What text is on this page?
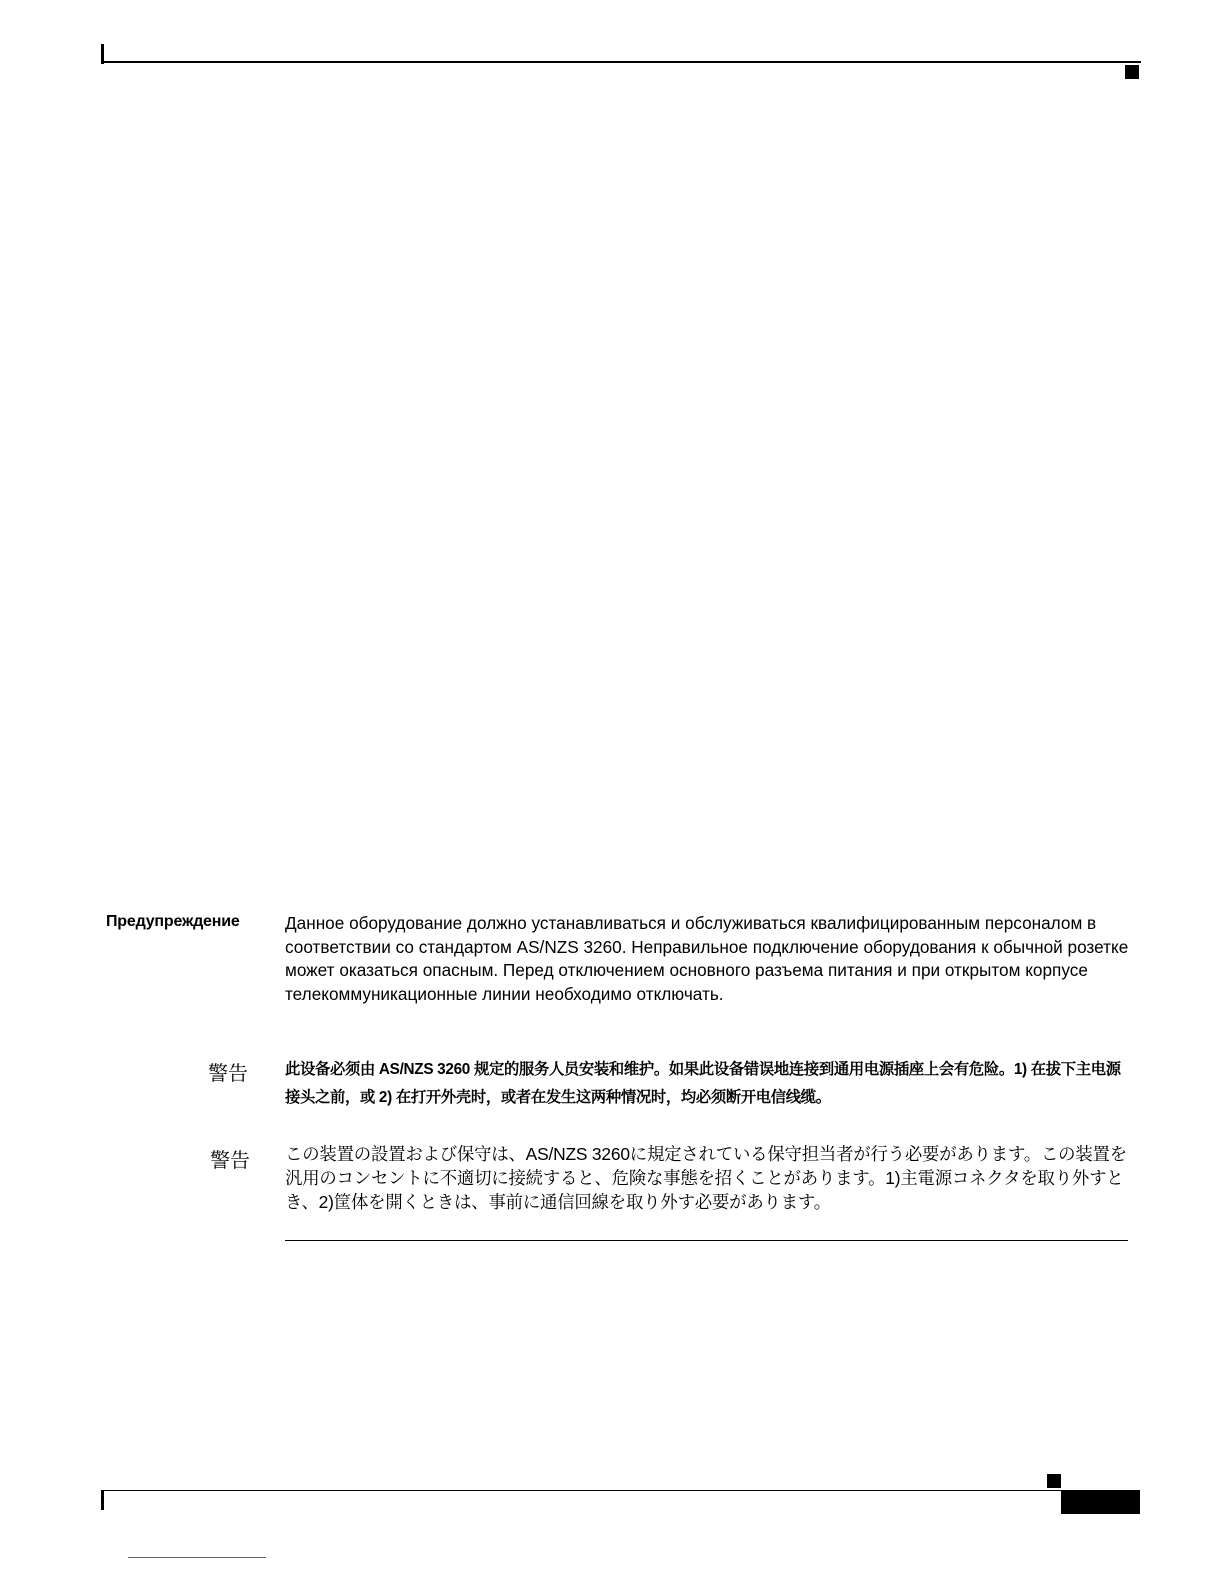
Предупреждение	Данное оборудование должно устанавливаться и обслуживаться квалифицированным персоналом в соответствии со стандартом AS/NZS 3260. Неправильное подключение оборудования к обычной розетке может оказаться опасным. Перед отключением основного разъема питания и при открытом корпусе телекоммуникационные линии необходимо отключать.
警告 此设备必须由 AS/NZS 3260 规定的服务人员安装和维护。如果此设备错误地连接到通用电源插座上会有危险。1) 在拔下主电源接头之前，或 2) 在打开外壳时，或者在发生这两种情况时，均必须断开电信线缆。
警告 この装置の設置および保守は、AS/NZS 3260に規定されている保守担当者が行う必要があります。この装置を汎用のコンセントに不適切に接続すると、危険な事態を招くことがあります。1)主電源コネクタを取り外すとき、2)筐体を開くときは、事前に通信回線を取り外す必要があります。
